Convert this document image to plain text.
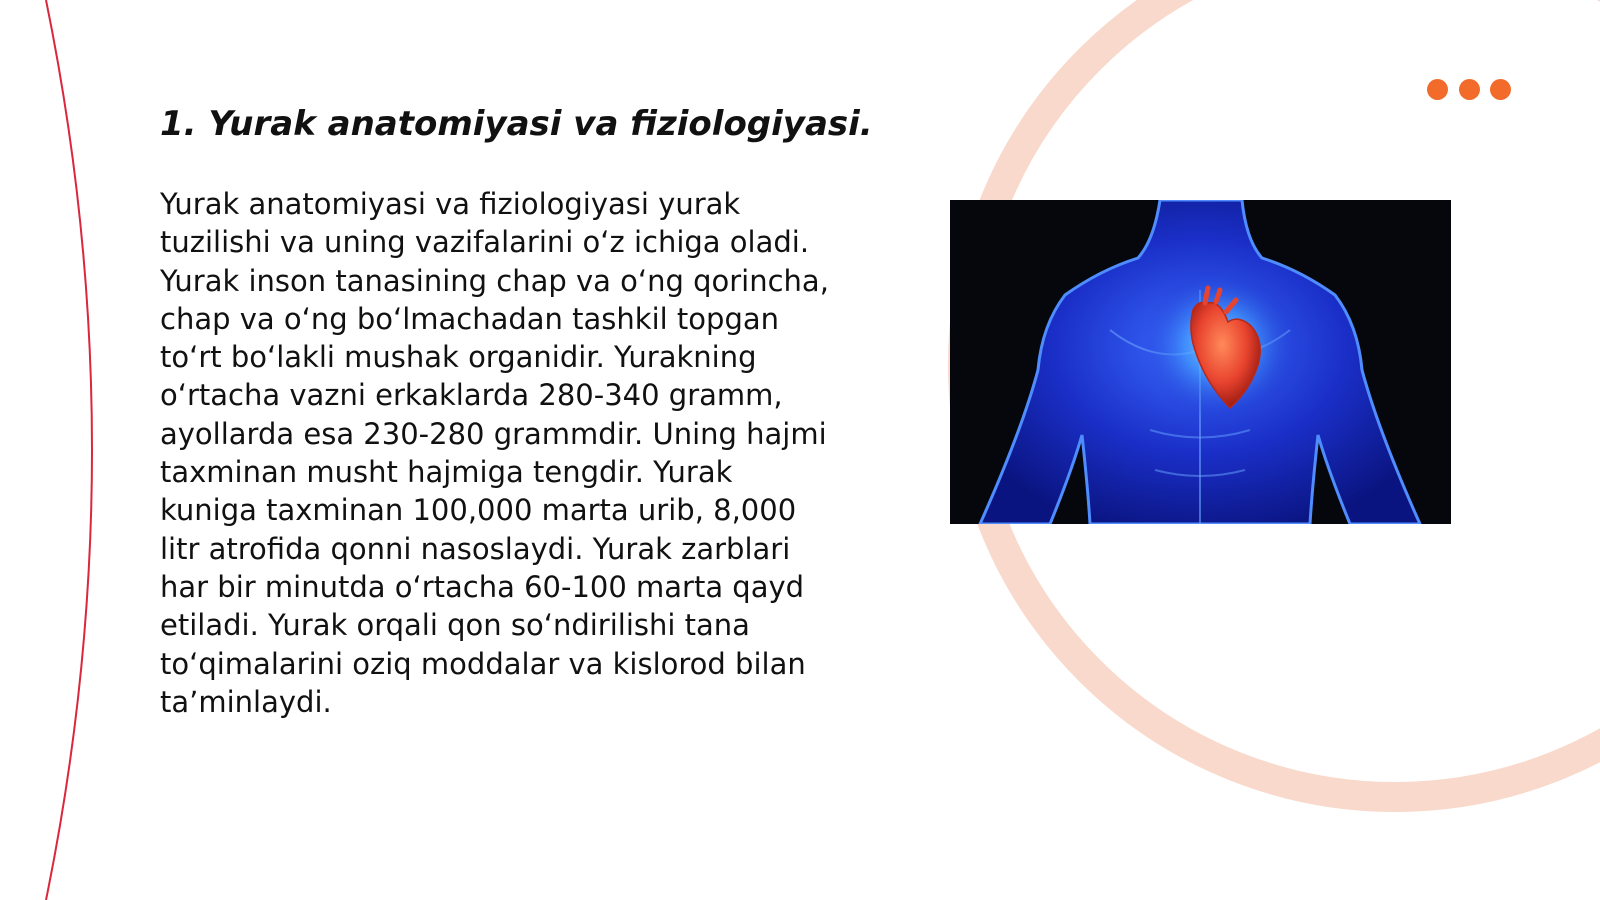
1. Yurak anatomiyasi va fiziologiyasi.

Yurak anatomiyasi va fiziologiyasi yurak tuzilishi va uning vazifalarini o‘z ichiga oladi. Yurak inson tanasining chap va o‘ng qorincha, chap va o‘ng bo‘lmachadan tashkil topgan to‘rt bo‘lakli mushak organidir. Yurakning o‘rtacha vazni erkaklarda 280-340 gramm, ayollarda esa 230-280 grammdir. Uning hajmi taxminan musht hajmiga tengdir. Yurak kuniga taxminan 100,000 marta urib, 8,000 litr atrofida qonni nasoslaydi. Yurak zarblari har bir minutda o‘rtacha 60-100 marta qayd etiladi. Yurak orqali qon so‘ndirilishi tana to‘qimalarini oziq moddalar va kislorod bilan ta’minlaydi.
